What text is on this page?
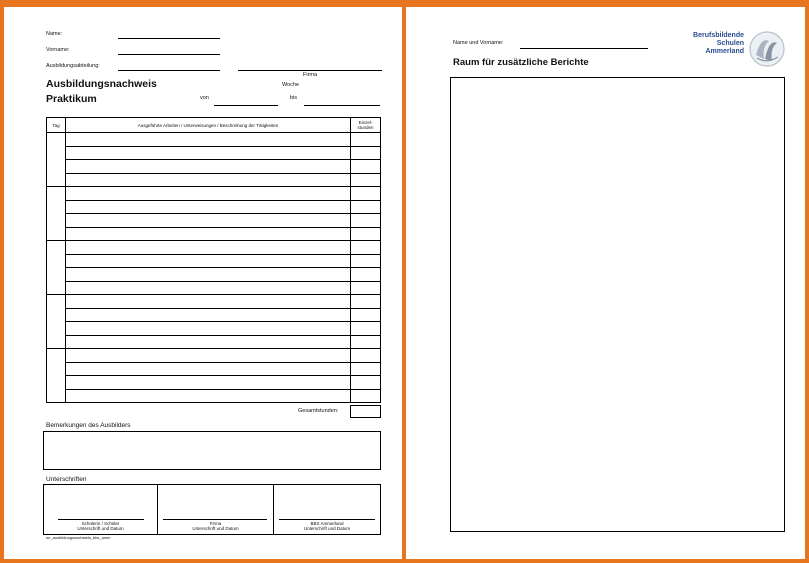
Name:
Vorname:
Ausbildungsabteilung:
Firma
Ausbildungsnachweis
Praktikum
Woche
von	bis
Tag	Ausgeführte Arbeiten / Unterweisungen / Beschreibung der Tätigkeiten	Einzel-stunden

Gesamtstunden:
Bemerkungen des Ausbilders
Unterschriften
Schülerin / Schüler
Unterschrift und Datum
Firma
Unterschrift und Datum
BBS Ammerland
Unterschrift und Datum
ne_ausbildungsnachweis_bbs_amm
Name und Vorname:
Raum für zusätzliche Berichte
Berufsbildende
Schulen
Ammerland
